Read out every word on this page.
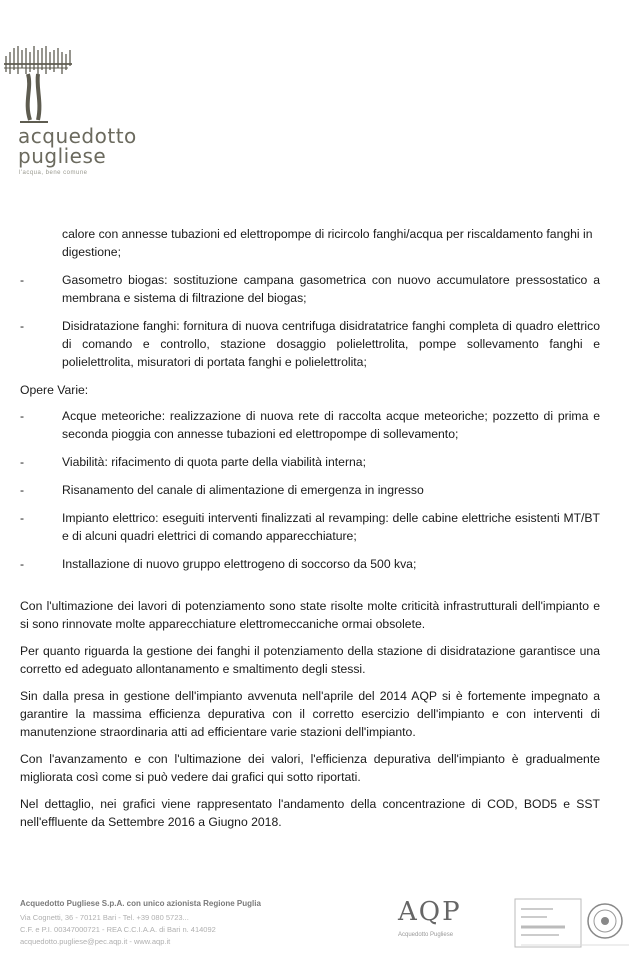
acquedotto
pugliese
l'acqua, bene comune
calore con annesse tubazioni ed elettropompe di ricircolo fanghi/acqua per riscaldamento fanghi in digestione;
-	Gasometro biogas: sostituzione campana gasometrica con nuovo accumulatore pressostatico a membrana e sistema di filtrazione del biogas;
-	Disidratazione fanghi: fornitura di nuova centrifuga disidratatrice fanghi completa di quadro elettrico di comando e controllo, stazione dosaggio polielettrolita, pompe sollevamento fanghi e polielettrolita, misuratori di portata fanghi e polielettrolita;
Opere Varie:
-	Acque meteoriche: realizzazione di nuova rete di raccolta acque meteoriche; pozzetto di prima e seconda pioggia con annesse tubazioni ed elettropompe di sollevamento;
-	Viabilità: rifacimento di quota parte della viabilità interna;
-	Risanamento del canale di alimentazione di emergenza in ingresso
-	Impianto elettrico: eseguiti interventi finalizzati al revamping: delle cabine elettriche esistenti MT/BT e di alcuni quadri elettrici di comando apparecchiature;
-	Installazione di nuovo gruppo elettrogeno di soccorso da 500 kva;

Con l'ultimazione dei lavori di potenziamento sono state risolte molte criticità infrastrutturali dell'impianto e si sono rinnovate molte apparecchiature elettromeccaniche ormai obsolete.

Per quanto riguarda la gestione dei fanghi il potenziamento della stazione di disidratazione garantisce una corretto ed adeguato allontanamento e smaltimento degli stessi.

Sin dalla presa in gestione dell'impianto avvenuta nell'aprile del 2014 AQP si è fortemente impegnato a garantire la massima efficienza depurativa con il corretto esercizio dell'impianto e con interventi di manutenzione straordinaria atti ad efficientare varie stazioni dell'impianto.

Con l'avanzamento e con l'ultimazione dei valori, l'efficienza depurativa dell'impianto è gradualmente migliorata così come si può vedere dai grafici qui sotto riportati.

Nel dettaglio, nei grafici viene rappresentato l'andamento della concentrazione di COD, BOD5 e SST nell'effluente da Settembre 2016 a Giugno 2018.

Acquedotto Pugliese S.p.A. con unico azionista Regione Puglia
Via Cognetti, 36 - 70121 Bari - Tel. +39 080 5723...
C.F. e P.I. 00347000721 - REA C.C.I.A.A. di Bari n. 414092
acquedotto.pugliese@pec.aqp.it - www.aqp.it
AQP
Acquedotto Pugliese
